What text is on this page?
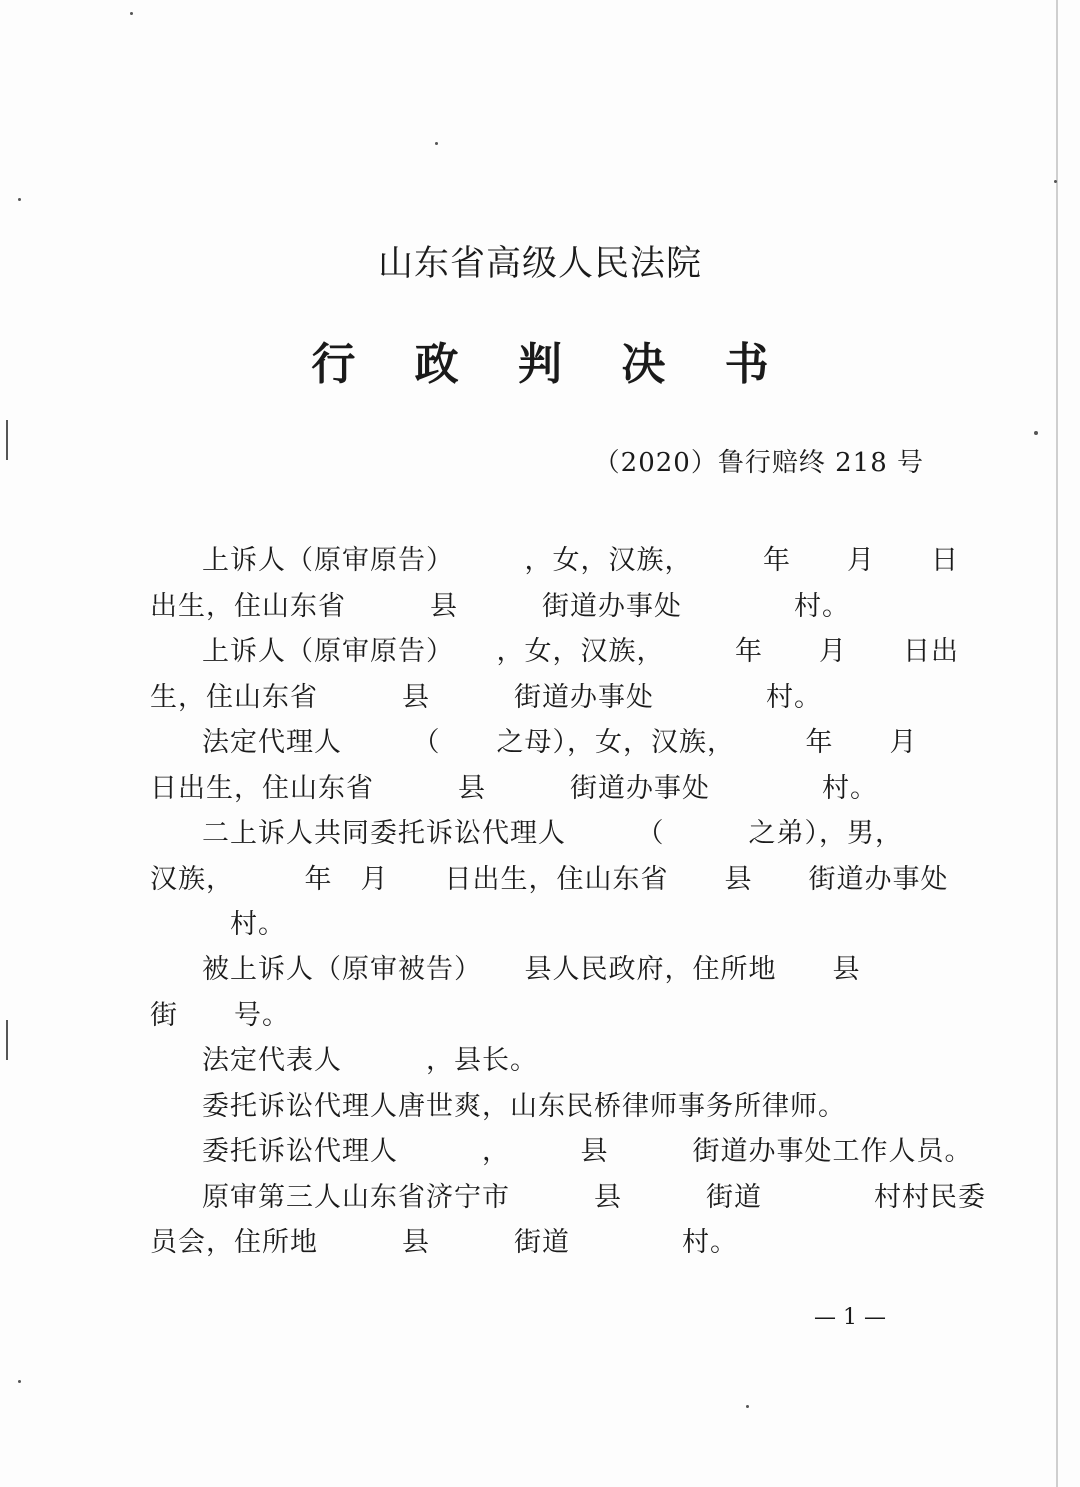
山东省高级人民法院
行 政 判 决 书
（2020）鲁行赔终 218 号
上诉人（原审原告）　　　，女，汉族，　　　年　　月　　日
出生，住山东省　　　县　　　街道办事处　　　　村。
上诉人（原审原告）　　，女，汉族，　　　年　　月　　日出
生，住山东省　　　县　　　街道办事处　　　　村。
法定代理人　　　（　　之母），女，汉族，　　　年　　月
日出生，住山东省　　　县　　　街道办事处　　　　村。
二上诉人共同委托诉讼代理人　　　（　　　之弟），男，
汉族，　　　年　月　　日出生，住山东省　　县　　街道办事处
村。
被上诉人（原审被告）　　县人民政府，住所地　　县
街　　号。
法定代表人　　　，县长。
委托诉讼代理人唐世爽，山东民桥律师事务所律师。
委托诉讼代理人　　　，　　　县　　　街道办事处工作人员。
原审第三人山东省济宁市　　　县　　　街道　　　　村村民委
员会，住所地　　　县　　　街道　　　　村。
— 1 —
